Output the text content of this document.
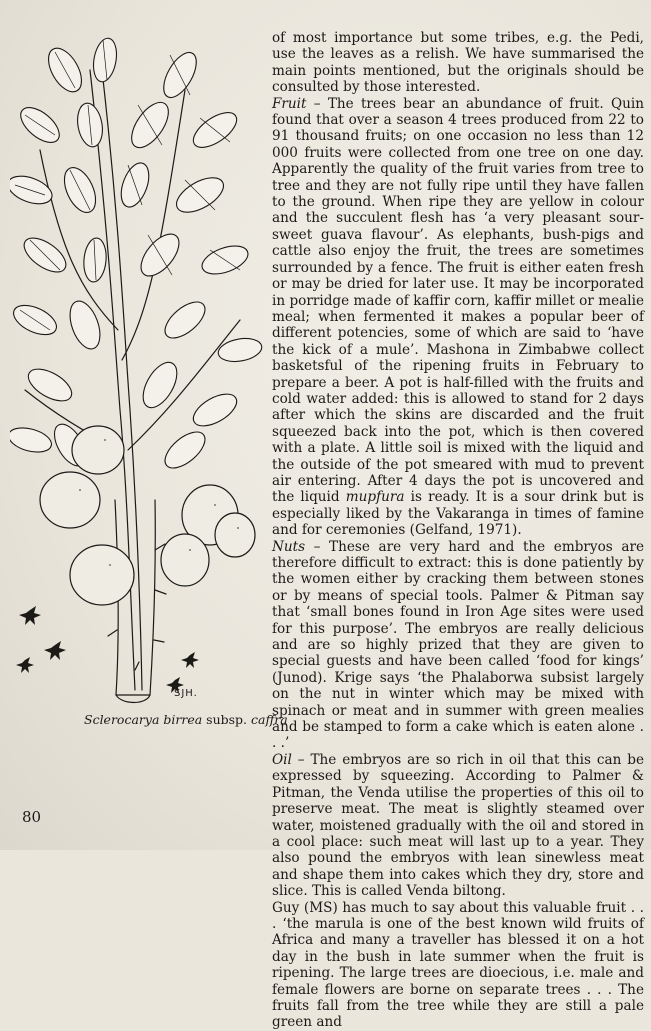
SJH.
Sclerocarya birrea subsp. caffra

of most importance but some tribes, e.g. the Pedi, use the leaves as a relish. We have summarised the main points mentioned, but the originals should be consulted by those interested.

Fruit – The trees bear an abundance of fruit. Quin found that over a season 4 trees produced from 22 to 91 thousand fruits; on one occasion no less than 12 000 fruits were collected from one tree on one day. Apparently the quality of the fruit varies from tree to tree and they are not fully ripe until they have fallen to the ground. When ripe they are yellow in colour and the succulent flesh has ‘a very pleasant sour-sweet guava flavour’. As elephants, bush-pigs and cattle also enjoy the fruit, the trees are sometimes surrounded by a fence. The fruit is either eaten fresh or may be dried for later use. It may be incorporated in porridge made of kaffir corn, kaffir millet or mealie meal; when fermented it makes a popular beer of different potencies, some of which are said to ‘have the kick of a mule’. Mashona in Zimbabwe collect basketsful of the ripening fruits in February to prepare a beer. A pot is half-filled with the fruits and cold water added: this is allowed to stand for 2 days after which the skins are discarded and the fruit squeezed back into the pot, which is then covered with a plate. A little soil is mixed with the liquid and the outside of the pot smeared with mud to prevent air entering. After 4 days the pot is uncovered and the liquid mupfura is ready. It is a sour drink but is especially liked by the Vakaranga in times of famine and for ceremonies (Gelfand, 1971).

Nuts – These are very hard and the embryos are therefore difficult to extract: this is done patiently by the women either by cracking them between stones or by means of special tools. Palmer & Pitman say that ‘small bones found in Iron Age sites were used for this purpose’. The embryos are really delicious and are so highly prized that they are given to special guests and have been called ‘food for kings’ (Junod). Krige says ‘the Phalaborwa subsist largely on the nut in winter which may be mixed with spinach or meat and in summer with green mealies and be stamped to form a cake which is eaten alone . . .’

Oil – The embryos are so rich in oil that this can be expressed by squeezing. According to Palmer & Pitman, the Venda utilise the properties of this oil to preserve meat. The meat is slightly steamed over water, moistened gradually with the oil and stored in a cool place: such meat will last up to a year. They also pound the embryos with lean sinewless meat and shape them into cakes which they dry, store and slice. This is called Venda biltong.

Guy (MS) has much to say about this valuable fruit . . . ‘the marula is one of the best known wild fruits of Africa and many a traveller has blessed it on a hot day in the bush in late summer when the fruit is ripening. The large trees are dioecious, i.e. male and female flowers are borne on separate trees . . . The fruits fall from the tree while they are still a pale green and

80
